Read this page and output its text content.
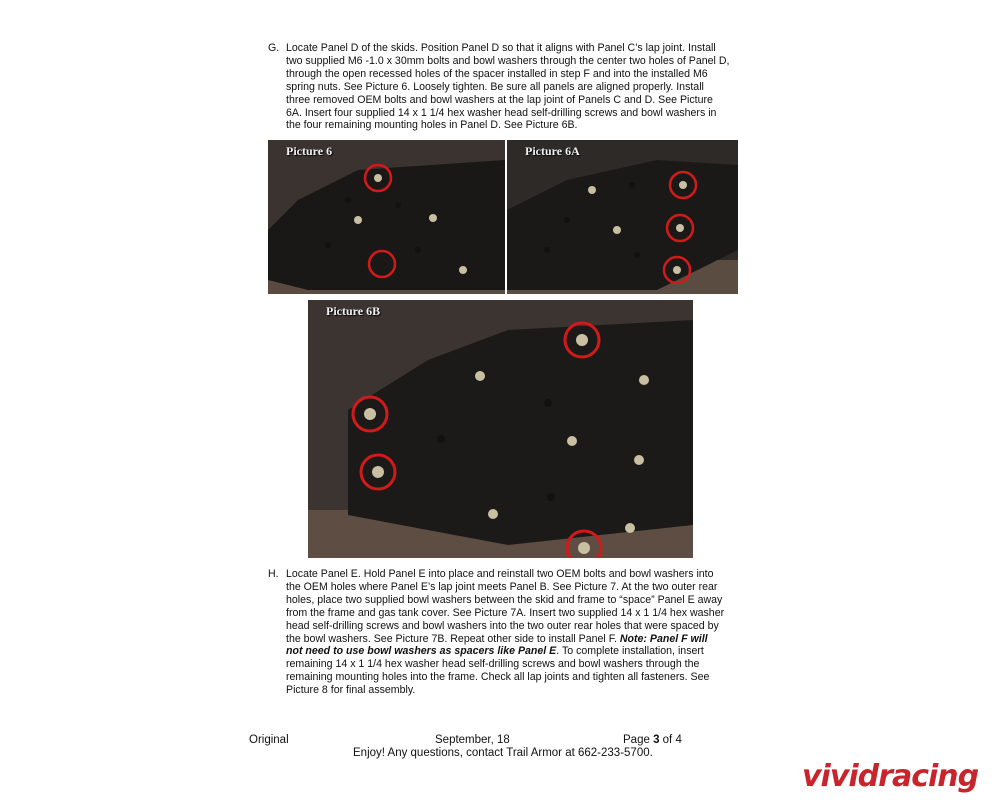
G. Locate Panel D of the skids. Position Panel D so that it aligns with Panel C’s lap joint. Install
two supplied M6 -1.0 x 30mm bolts and bowl washers through the center two holes of Panel D,
through the open recessed holes of the spacer installed in step F and into the installed M6
spring nuts. See Picture 6. Loosely tighten. Be sure all panels are aligned properly. Install
three removed OEM bolts and bowl washers at the lap joint of Panels C and D. See Picture
6A. Insert four supplied 14 x 1 1/4 hex washer head self-drilling screws and bowl washers in
the four remaining mounting holes in Panel D. See Picture 6B.
Picture 6	Picture 6A
Picture 6B
H. Locate Panel E. Hold Panel E into place and reinstall two OEM bolts and bowl washers into
the OEM holes where Panel E’s lap joint meets Panel B. See Picture 7. At the two outer rear
holes, place two supplied bowl washers between the skid and frame to “space” Panel E away
from the frame and gas tank cover. See Picture 7A. Insert two supplied 14 x 1 1/4 hex washer
head self-drilling screws and bowl washers into the two outer rear holes that were spaced by
the bowl washers. See Picture 7B. Repeat other side to install Panel F. Note: Panel F will
not need to use bowl washers as spacers like Panel E. To complete installation, insert
remaining 14 x 1 1/4 hex washer head self-drilling screws and bowl washers through the
remaining mounting holes into the frame. Check all lap joints and tighten all fasteners. See
Picture 8 for final assembly.
Original	September, 18	Page 3 of 4
Enjoy! Any questions, contact Trail Armor at 662-233-5700.
vividracing
